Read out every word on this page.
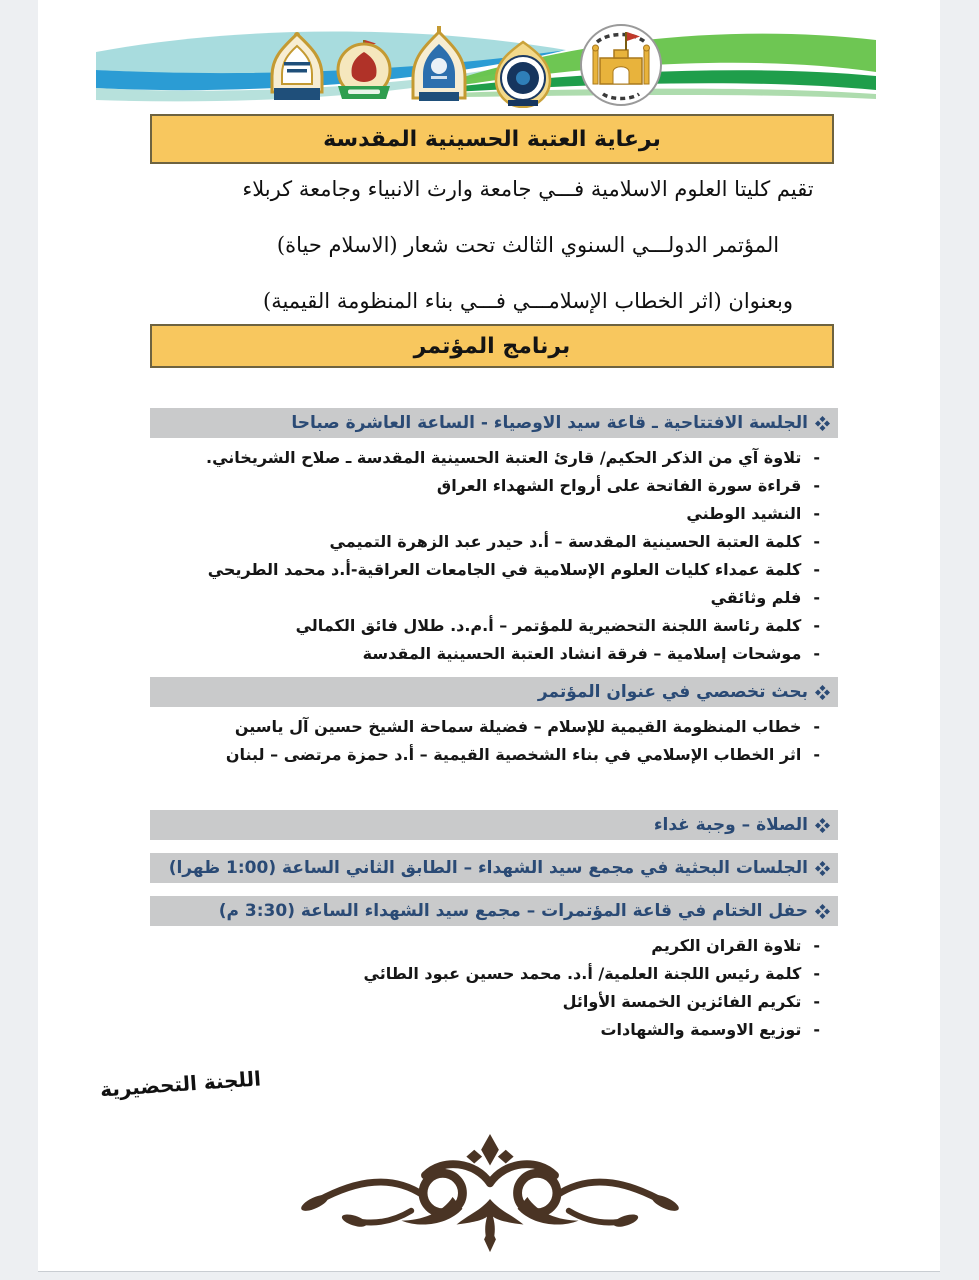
برعاية العتبة الحسينية المقدسة
تقيم كليتا العلوم الاسلامية فـــي جامعة وارث الانبياء وجامعة كربلاء
المؤتمر الدولـــي السنوي الثالث تحت شعار (الاسلام حياة)
وبعنوان (اثر الخطاب الإسلامـــي فـــي بناء المنظومة القيمية)
برنامج المؤتمر
الجلسة الافتتاحية ـ قاعة سيد الاوصياء - الساعة العاشرة صباحا
-
تلاوة آي من الذكر الحكيم/ قارئ العتبة الحسينية المقدسة ـ صلاح الشريخاني.
-
قراءة سورة الفاتحة على أرواح الشهداء العراق
-
النشيد الوطني
-
كلمة العتبة الحسينية المقدسة – أ.د حيدر عبد الزهرة التميمي
-
كلمة عمداء كليات العلوم الإسلامية في الجامعات العراقية-أ.د محمد الطريحي
-
فلم وثائقي
-
كلمة رئاسة اللجنة التحضيرية للمؤتمر – أ.م.د. طلال فائق الكمالي
-
موشحات إسلامية – فرقة انشاد العتبة الحسينية المقدسة
بحث تخصصي في عنوان المؤتمر
-
خطاب المنظومة القيمية للإسلام – فضيلة سماحة الشيخ حسين آل ياسين
-
اثر الخطاب الإسلامي في بناء الشخصية القيمية – أ.د حمزة مرتضى – لبنان
الصلاة – وجبة غداء
الجلسات البحثية في مجمع سيد الشهداء – الطابق الثاني الساعة (1:00 ظهرا)
حفل الختام في قاعة المؤتمرات – مجمع سيد الشهداء الساعة (3:30 م)
-
تلاوة القران الكريم
-
كلمة رئيس اللجنة العلمية/ أ.د. محمد حسين عبود الطائي
-
تكريم الفائزين الخمسة الأوائل
-
توزيع الاوسمة والشهادات
اللجنة التحضيرية
